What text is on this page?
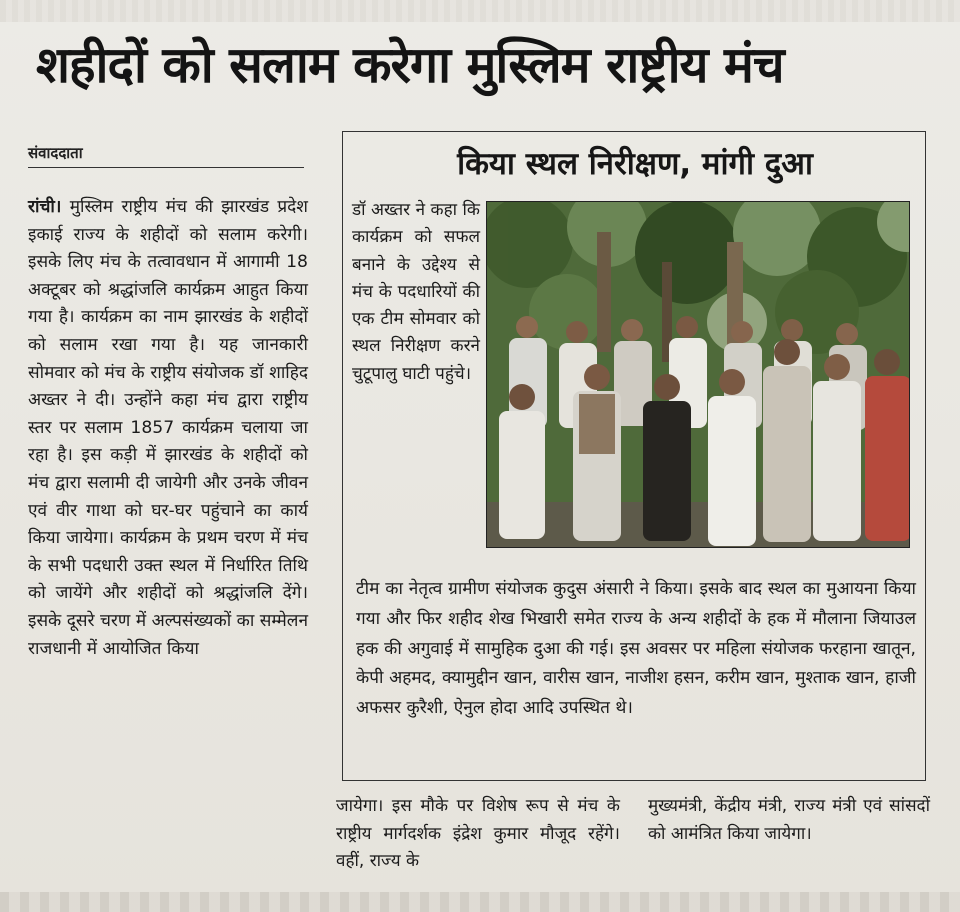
शहीदों को सलाम करेगा मुस्लिम राष्ट्रीय मंच
संवाददाता

रांची। मुस्लिम राष्ट्रीय मंच की झारखंड प्रदेश इकाई राज्य के शहीदों को सलाम करेगी। इसके लिए मंच के तत्वावधान में आगामी 18 अक्टूबर को श्रद्धांजलि कार्यक्रम आहुत किया गया है। कार्यक्रम का नाम झारखंड के शहीदों को सलाम रखा गया है। यह जानकारी सोमवार को मंच के राष्ट्रीय संयोजक डॉ शाहिद अख्तर ने दी। उन्होंने कहा मंच द्वारा राष्ट्रीय स्तर पर सलाम 1857 कार्यक्रम चलाया जा रहा है। इस कड़ी में झारखंड के शहीदों को मंच द्वारा सलामी दी जायेगी और उनके जीवन एवं वीर गाथा को घर-घर पहुंचाने का कार्य किया जायेगा। कार्यक्रम के प्रथम चरण में मंच के सभी पदधारी उक्त स्थल में निर्धारित तिथि को जायेंगे और शहीदों को श्रद्धांजलि देंगे। इसके दूसरे चरण में अल्पसंख्यकों का सम्मेलन राजधानी में आयोजित किया

किया स्थल निरीक्षण, मांगी दुआ
डॉ अख्तर ने कहा कि कार्यक्रम को सफल बनाने के उद्देश्य से मंच के पदधारियों की एक टीम सोमवार को स्थल निरीक्षण करने चुटूपालु घाटी पहुंचे।
टीम का नेतृत्व ग्रामीण संयोजक कुदुस अंसारी ने किया। इसके बाद स्थल का मुआयना किया गया और फिर शहीद शेख भिखारी समेत राज्य के अन्य शहीदों के हक में मौलाना जियाउल हक की अगुवाई में सामुहिक दुआ की गई। इस अवसर पर महिला संयोजक फरहाना खातून, केपी अहमद, क्यामुद्दीन खान, वारीस खान, नाजीश हसन, करीम खान, मुश्ताक खान, हाजी अफसर कुरैशी, ऐनुल होदा आदि उपस्थित थे।
जायेगा। इस मौके पर विशेष रूप से मंच के राष्ट्रीय मार्गदर्शक इंद्रेश कुमार मौजूद रहेंगे। वहीं, राज्य के
मुख्यमंत्री, केंद्रीय मंत्री, राज्य मंत्री एवं सांसदों को आमंत्रित किया जायेगा।
